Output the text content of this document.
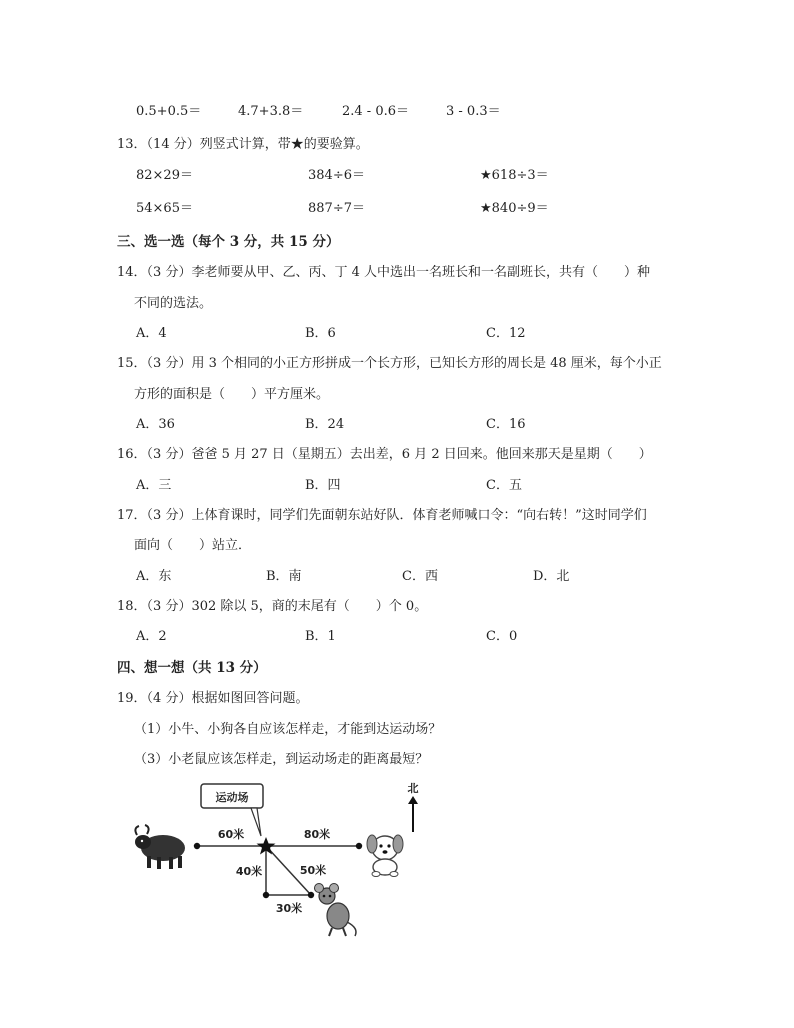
0.5+0.5＝	4.7+3.8＝	2.4 - 0.6＝	3 - 0.3＝
13．（14 分）列竖式计算，带★的要验算。
82×29＝	384÷6＝	★618÷3＝
54×65＝	887÷7＝	★840÷9＝
三、选一选（每个 3 分，共 15 分）
14．（3 分）李老师要从甲、乙、丙、丁 4 人中选出一名班长和一名副班长，共有（　　）种
不同的选法。
A．4	B．6	C．12
15．（3 分）用 3 个相同的小正方形拼成一个长方形，已知长方形的周长是 48 厘米，每个小正
方形的面积是（　　）平方厘米。
A．36	B．24	C．16
16．（3 分）爸爸 5 月 27 日（星期五）去出差，6 月 2 日回来。他回来那天是星期（　　）
A．三	B．四	C．五
17．（3 分）上体育课时，同学们先面朝东站好队．体育老师喊口令：“向右转！”这时同学们
面向（　　）站立．
A．东	B．南	C．西	D．北
18．（3 分）302 除以 5，商的末尾有（　　）个 0。
A．2	B．1	C．0
四、想一想（共 13 分）
19．（4 分）根据如图回答问题。
（1）小牛、小狗各自应该怎样走，才能到达运动场？
（3）小老鼠应该怎样走，到运动场走的距离最短？
运动场
60米	80米
40米	50米
30米
北
